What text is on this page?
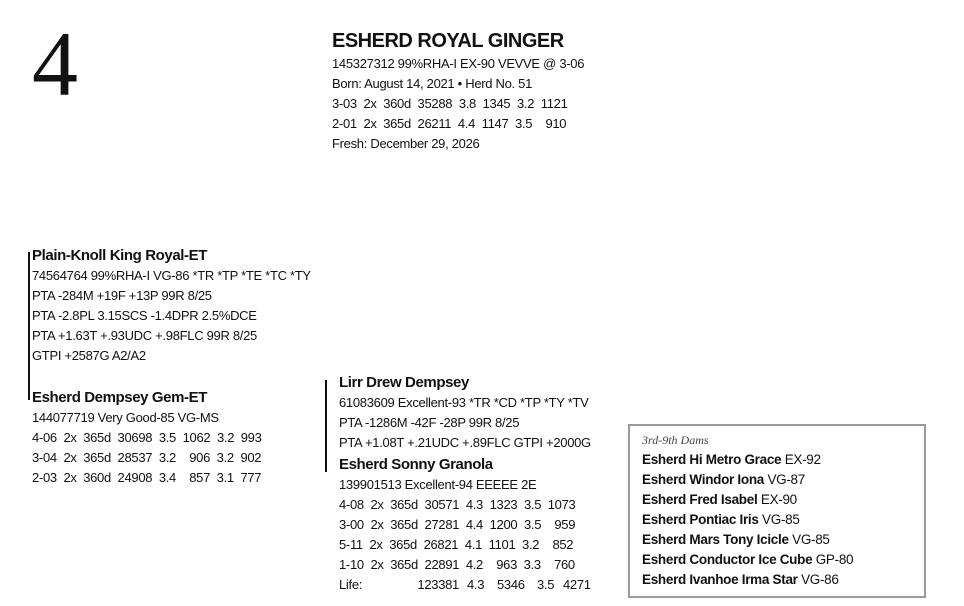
4	ESHERD ROYAL GINGER
145327312 99%RHA-I EX-90 VEVVE @ 3-06
Born: August 14, 2021 • Herd No. 51
3-03  2x  360d  35288  3.8  1345  3.2  1121
2-01  2x  365d  26211  4.4  1147  3.5    910
Fresh: December 29, 2026
Plain-Knoll King Royal-ET
74564764 99%RHA-I VG-86 *TR *TP *TE *TC *TY
PTA -284M +19F +13P 99R 8/25
PTA -2.8PL 3.15SCS -1.4DPR 2.5%DCE
PTA +1.63T +.93UDC +.98FLC 99R 8/25
GTPI +2587G A2/A2
Esherd Dempsey Gem-ET
144077719 Very Good-85 VG-MS
4-06  2x  365d  30698  3.5  1062  3.2  993
3-04  2x  365d  28537  3.2    906  3.2  902
2-03  2x  360d  24908  3.4    857  3.1  777
Lirr Drew Dempsey
61083609 Excellent-93 *TR *CD *TP *TY *TV
PTA -1286M -42F -28P 99R 8/25
PTA +1.08T +.21UDC +.89FLC GTPI +2000G
Esherd Sonny Granola
139901513 Excellent-94 EEEEE 2E
4-08  2x  365d  30571  4.3  1323  3.5  1073
3-00  2x  365d  27281  4.4  1200  3.5    959
5-11  2x  365d  26821  4.1  1101  3.2    852
1-10  2x  365d  22891  4.2    963  3.3    760
Life:	123381 4.3 5346 3.5 4271
3rd-9th Dams
Esherd Hi Metro Grace EX-92
Esherd Windor Iona VG-87
Esherd Fred Isabel EX-90
Esherd Pontiac Iris VG-85
Esherd Mars Tony Icicle VG-85
Esherd Conductor Ice Cube GP-80
Esherd Ivanhoe Irma Star VG-86
